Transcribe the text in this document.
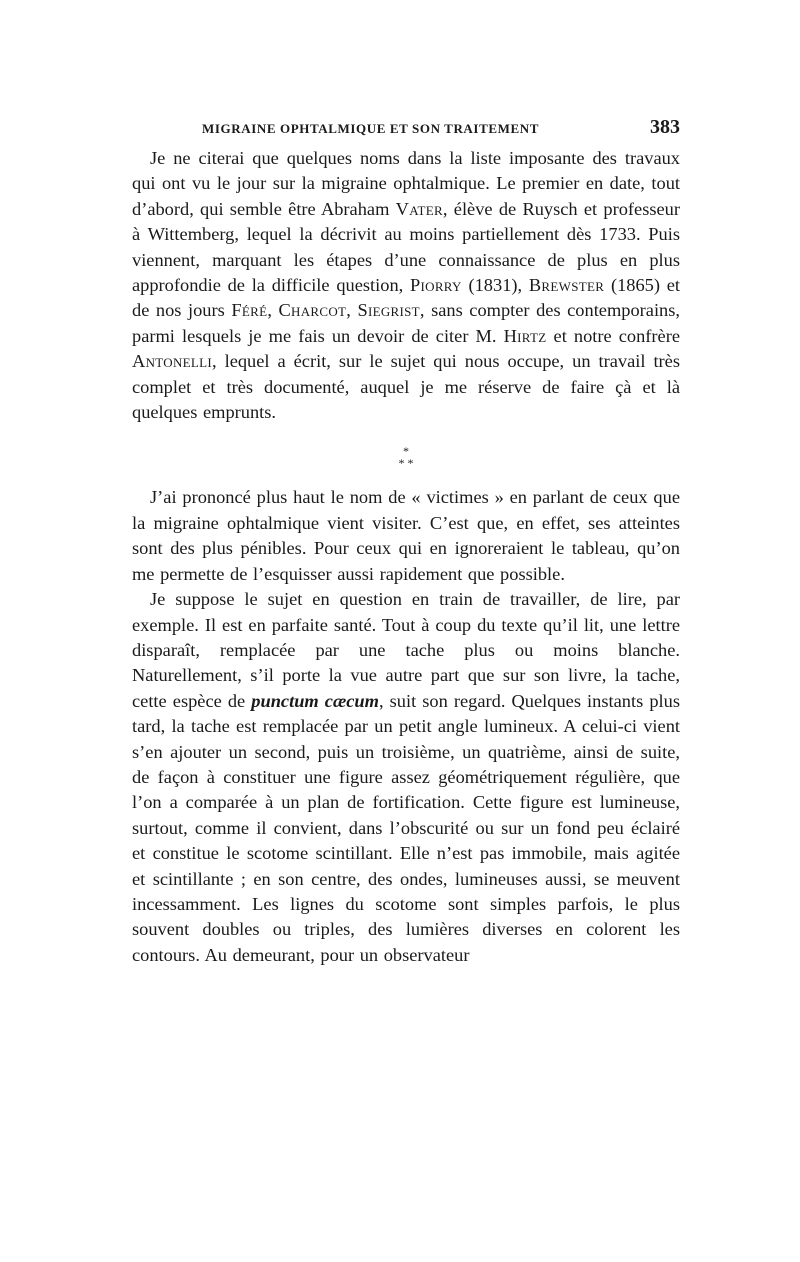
MIGRAINE OPHTALMIQUE ET SON TRAITEMENT	383

Je ne citerai que quelques noms dans la liste imposante des travaux qui ont vu le jour sur la migraine ophtalmique. Le premier en date, tout d’abord, qui semble être Abraham Vater, élève de Ruysch et professeur à Wittemberg, lequel la décrivit au moins partiellement dès 1733. Puis viennent, marquant les étapes d’une connaissance de plus en plus approfondie de la difficile question, Piorry (1831), Brewster (1865) et de nos jours Féré, Charcot, Siegrist, sans compter des contemporains, parmi lesquels je me fais un devoir de citer M. Hirtz et notre confrère Antonelli, lequel a écrit, sur le sujet qui nous occupe, un travail très complet et très documenté, auquel je me réserve de faire çà et là quelques emprunts.

*
* *

J’ai prononcé plus haut le nom de « victimes » en parlant de ceux que la migraine ophtalmique vient visiter. C’est que, en effet, ses atteintes sont des plus pénibles. Pour ceux qui en ignoreraient le tableau, qu’on me permette de l’esquisser aussi rapidement que possible.

Je suppose le sujet en question en train de travailler, de lire, par exemple. Il est en parfaite santé. Tout à coup du texte qu’il lit, une lettre disparaît, remplacée par une tache plus ou moins blanche. Naturellement, s’il porte la vue autre part que sur son livre, la tache, cette espèce de punctum cæcum, suit son regard. Quelques instants plus tard, la tache est remplacée par un petit angle lumineux. A celui-ci vient s’en ajouter un second, puis un troisième, un quatrième, ainsi de suite, de façon à constituer une figure assez géométriquement régulière, que l’on a comparée à un plan de fortification. Cette figure est lumineuse, surtout, comme il convient, dans l’obscurité ou sur un fond peu éclairé et constitue le scotome scintillant. Elle n’est pas immobile, mais agitée et scintillante ; en son centre, des ondes, lumineuses aussi, se meuvent incessamment. Les lignes du scotome sont simples parfois, le plus souvent doubles ou triples, des lumières diverses en colorent les contours. Au demeurant, pour un observateur
